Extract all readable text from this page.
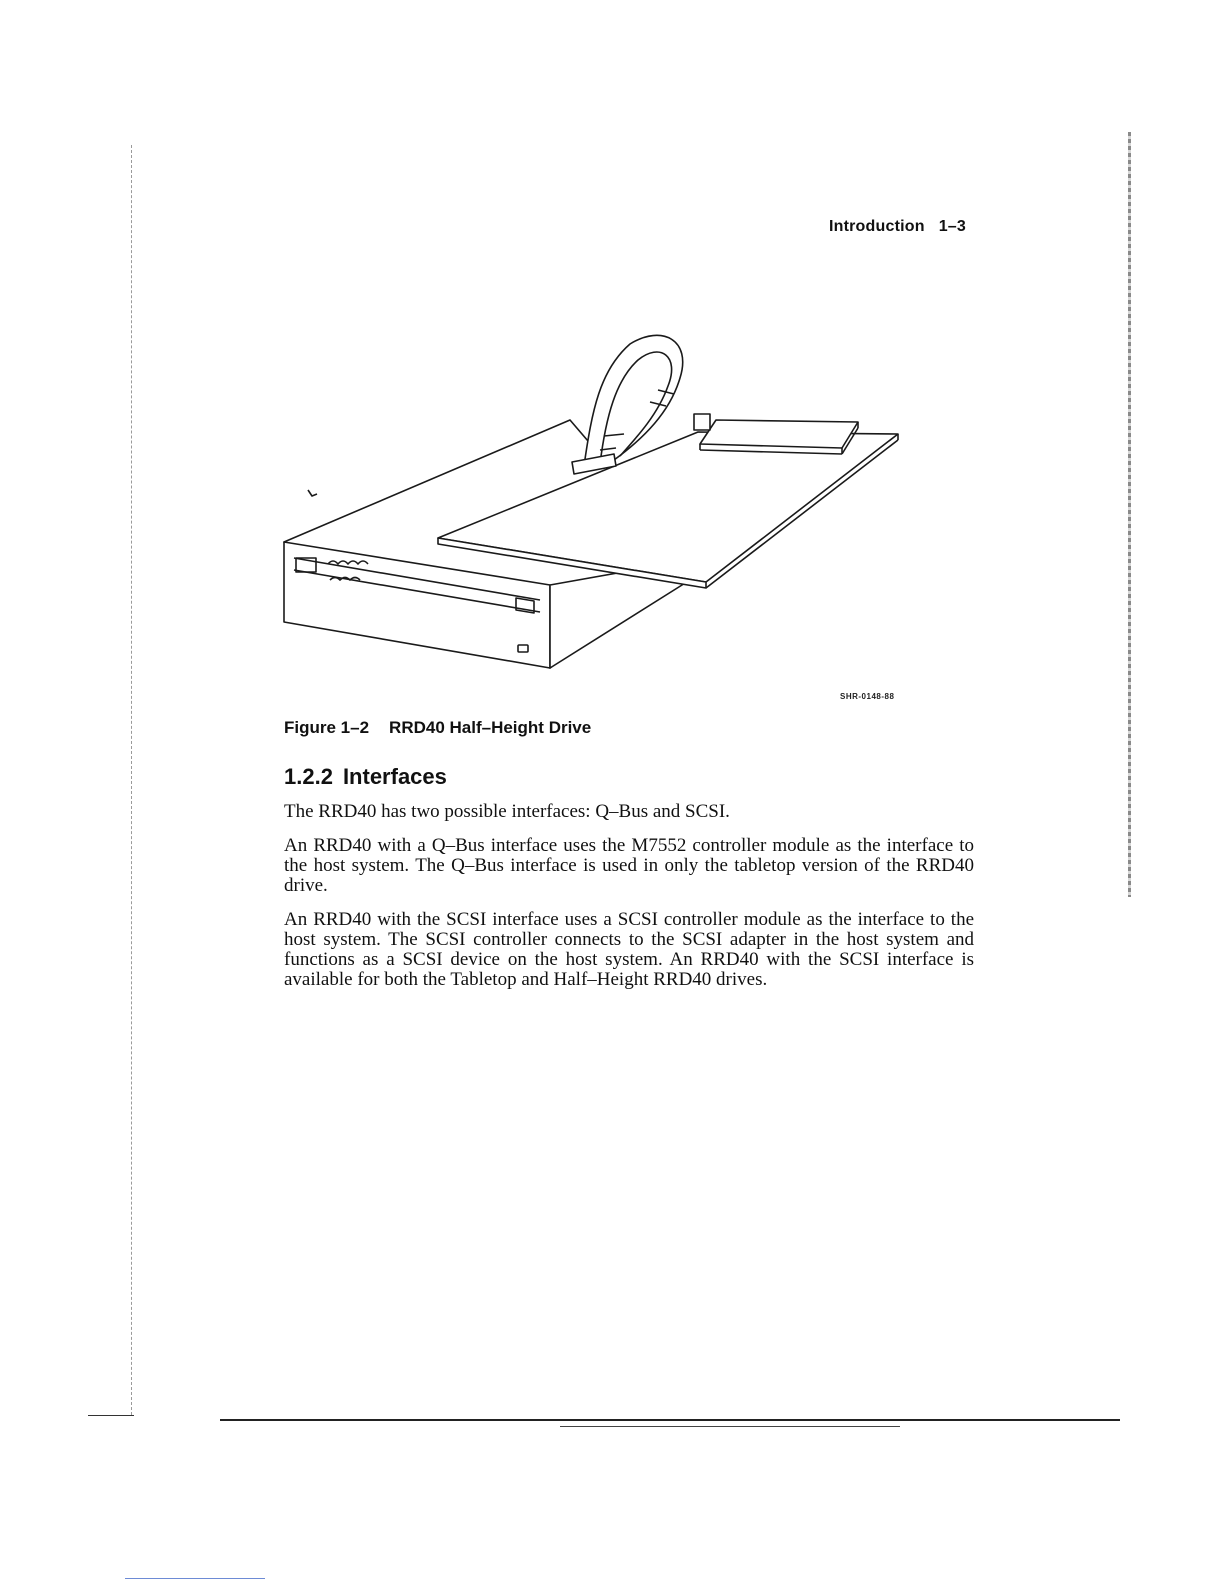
Introduction 1–3
SHR-0148-88
Figure 1–2 RRD40 Half–Height Drive
1.2.2 Interfaces

The RRD40 has two possible interfaces: Q–Bus and SCSI.

An RRD40 with a Q–Bus interface uses the M7552 controller module as the interface to the host system. The Q–Bus interface is used in only the tabletop version of the RRD40 drive.

An RRD40 with the SCSI interface uses a SCSI controller module as the interface to the host system. The SCSI controller connects to the SCSI adapter in the host system and functions as a SCSI device on the host system. An RRD40 with the SCSI interface is available for both the Tabletop and Half–Height RRD40 drives.
